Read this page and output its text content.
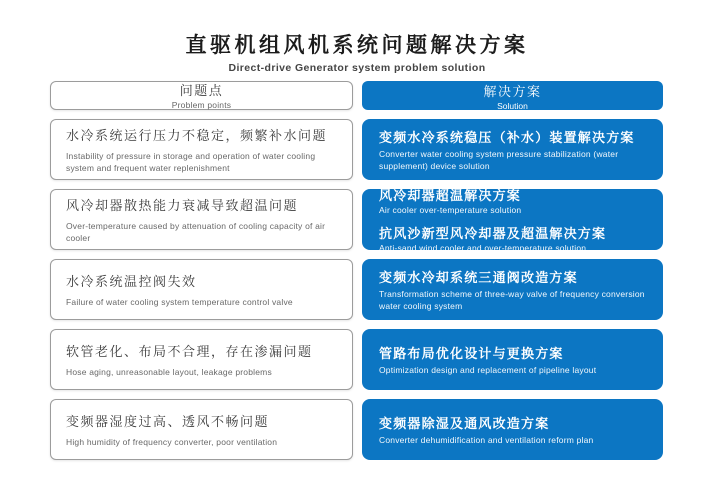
直驱机组风机系统问题解决方案
Direct-drive Generator system problem solution
问题点
Problem points
解决方案
Solution
水冷系统运行压力不稳定，频繁补水问题
Instability of pressure in storage and operation of water cooling system and frequent water replenishment
变频水冷系统稳压（补水）装置解决方案
Converter water cooling system pressure stabilization (water supplement) device solution
风冷却器散热能力衰减导致超温问题
Over-temperature caused by attenuation of cooling capacity of air cooler
风冷却器超温解决方案
Air cooler over-temperature solution
抗风沙新型风冷却器及超温解决方案
Anti-sand wind cooler and over-temperature solution
水冷系统温控阀失效
Failure of water cooling system temperature control valve
变频水冷却系统三通阀改造方案
Transformation scheme of three-way valve of frequency conversion water cooling system
软管老化、布局不合理，存在渗漏问题
Hose aging, unreasonable layout, leakage problems
管路布局优化设计与更换方案
Optimization design and replacement of pipeline layout
变频器湿度过高、透风不畅问题
High humidity of frequency converter, poor ventilation
变频器除湿及通风改造方案
Converter dehumidification and ventilation reform plan
